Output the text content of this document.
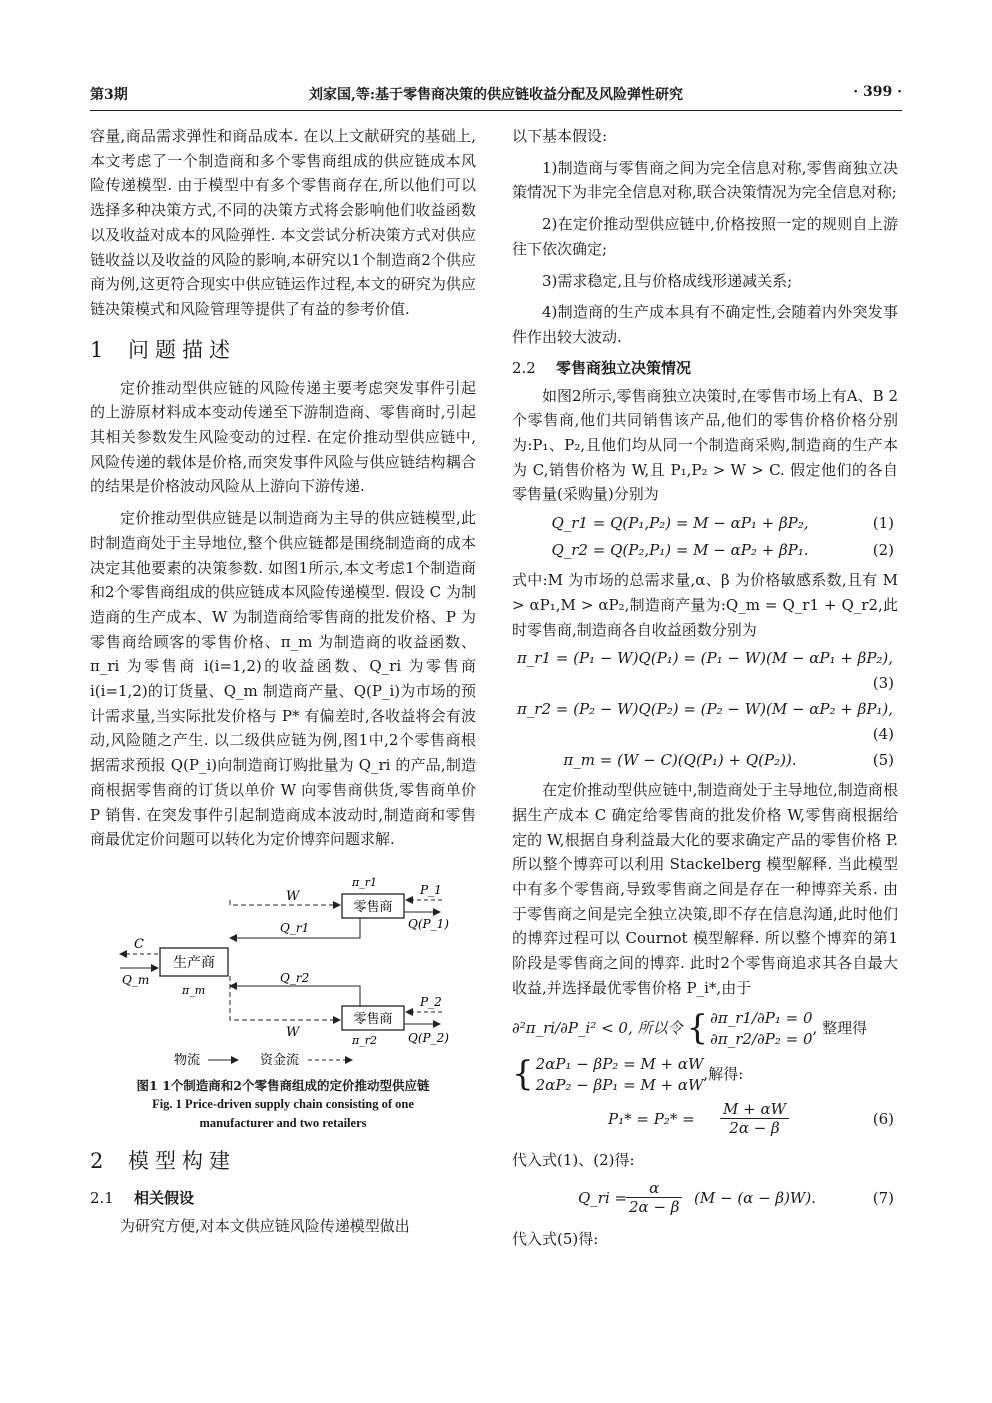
第3期	刘家国,等:基于零售商决策的供应链收益分配及风险弹性研究	· 399 ·

容量,商品需求弹性和商品成本. 在以上文献研究的基础上,本文考虑了一个制造商和多个零售商组成的供应链成本风险传递模型. 由于模型中有多个零售商存在,所以他们可以选择多种决策方式,不同的决策方式将会影响他们收益函数以及收益对成本的风险弹性. 本文尝试分析决策方式对供应链收益以及收益的风险的影响,本研究以1个制造商2个供应商为例,这更符合现实中供应链运作过程,本文的研究为供应链决策模式和风险管理等提供了有益的参考价值.

1 问题描述

定价推动型供应链的风险传递主要考虑突发事件引起的上游原材料成本变动传递至下游制造商、零售商时,引起其相关参数发生风险变动的过程. 在定价推动型供应链中,风险传递的载体是价格,而突发事件风险与供应链结构耦合的结果是价格波动风险从上游向下游传递.

定价推动型供应链是以制造商为主导的供应链模型,此时制造商处于主导地位,整个供应链都是围绕制造商的成本决定其他要素的决策参数. 如图1所示,本文考虑1个制造商和2个零售商组成的供应链成本风险传递模型. 假设 C 为制造商的生产成本、W 为制造商给零售商的批发价格、P 为零售商给顾客的零售价格、π_m 为制造商的收益函数、π_ri 为零售商 i(i=1,2)的收益函数、Q_ri 为零售商 i(i=1,2)的订货量、Q_m 制造商产量、Q(P_i)为市场的预计需求量,当实际批发价格与 P* 有偏差时,各收益将会有波动,风险随之产生. 以二级供应链为例,图1中,2个零售商根据需求预报 Q(P_i)向制造商订购批量为 Q_ri 的产品,制造商根据零售商的订货以单价 W 向零售商供货,零售商单价 P 销售. 在突发事件引起制造商成本波动时,制造商和零售商最优定价问题可以转化为定价博弈问题求解.

生产商
零售商
零售商
W
Q_r1
Q_r2
W
π_r1
π_r2
π_m
P_1
Q(P_1)
P_2
Q(P_2)
C
Q_m
物流	资金流
图1 1个制造商和2个零售商组成的定价推动型供应链
Fig. 1 Price-driven supply chain consisting of one
manufacturer and two retailers
2 模型构建
2.1 相关假设

为研究方便,对本文供应链风险传递模型做出

以下基本假设:

1)制造商与零售商之间为完全信息对称,零售商独立决策情况下为非完全信息对称,联合决策情况为完全信息对称;

2)在定价推动型供应链中,价格按照一定的规则自上游往下依次确定;

3)需求稳定,且与价格成线形递减关系;

4)制造商的生产成本具有不确定性,会随着内外突发事件作出较大波动.

2.2 零售商独立决策情况

如图2所示,零售商独立决策时,在零售市场上有A、B 2个零售商,他们共同销售该产品,他们的零售价格价格分别为:P₁、P₂,且他们均从同一个制造商采购,制造商的生产本为 C,销售价格为 W,且 P₁,P₂ > W > C. 假定他们的各自零售量(采购量)分别为

Q_r1 = Q(P₁,P₂) = M − αP₁ + βP₂,	(1)
Q_r2 = Q(P₂,P₁) = M − αP₂ + βP₁.	(2)

式中:M 为市场的总需求量,α、β 为价格敏感系数,且有 M > αP₁,M > αP₂,制造商产量为:Q_m = Q_r1 + Q_r2,此时零售商,制造商各自收益函数分别为

π_r1 = (P₁ − W)Q(P₁) = (P₁ − W)(M − αP₁ + βP₂),
(3)
π_r2 = (P₂ − W)Q(P₂) = (P₂ − W)(M − αP₂ + βP₁),
(4)
π_m = (W − C)(Q(P₁) + Q(P₂)).	(5)

在定价推动型供应链中,制造商处于主导地位,制造商根据生产成本 C 确定给零售商的批发价格 W,零售商根据给定的 W,根据自身利益最大化的要求确定产品的零售价格 P. 所以整个博弈可以利用 Stackelberg 模型解释. 当此模型中有多个零售商,导致零售商之间是存在一种博弈关系. 由于零售商之间是完全独立决策,即不存在信息沟通,此时他们的博弈过程可以 Cournot 模型解释. 所以整个博弈的第1阶段是零售商之间的博弈. 此时2个零售商追求其各自最大收益,并选择最优零售价格 P_i*,由于

∂²π_ri/∂P_i² < 0, 所以令 { ∂π_r1/∂P₁ = 0
∂π_r2/∂P₂ = 0
, 整理得
{ 2αP₁ − βP₂ = M + αW
2αP₂ − βP₁ = M + αW
,解得:
$P_1* = P_2* = \frac{M + \alpha W}{2\alpha - \beta}$	(6)

代入式(1)、(2)得:

Q_ri =
$\frac{\alpha}{2\alpha - \beta} (M - (\alpha - \beta)W)$.	(7)

代入式(5)得:
